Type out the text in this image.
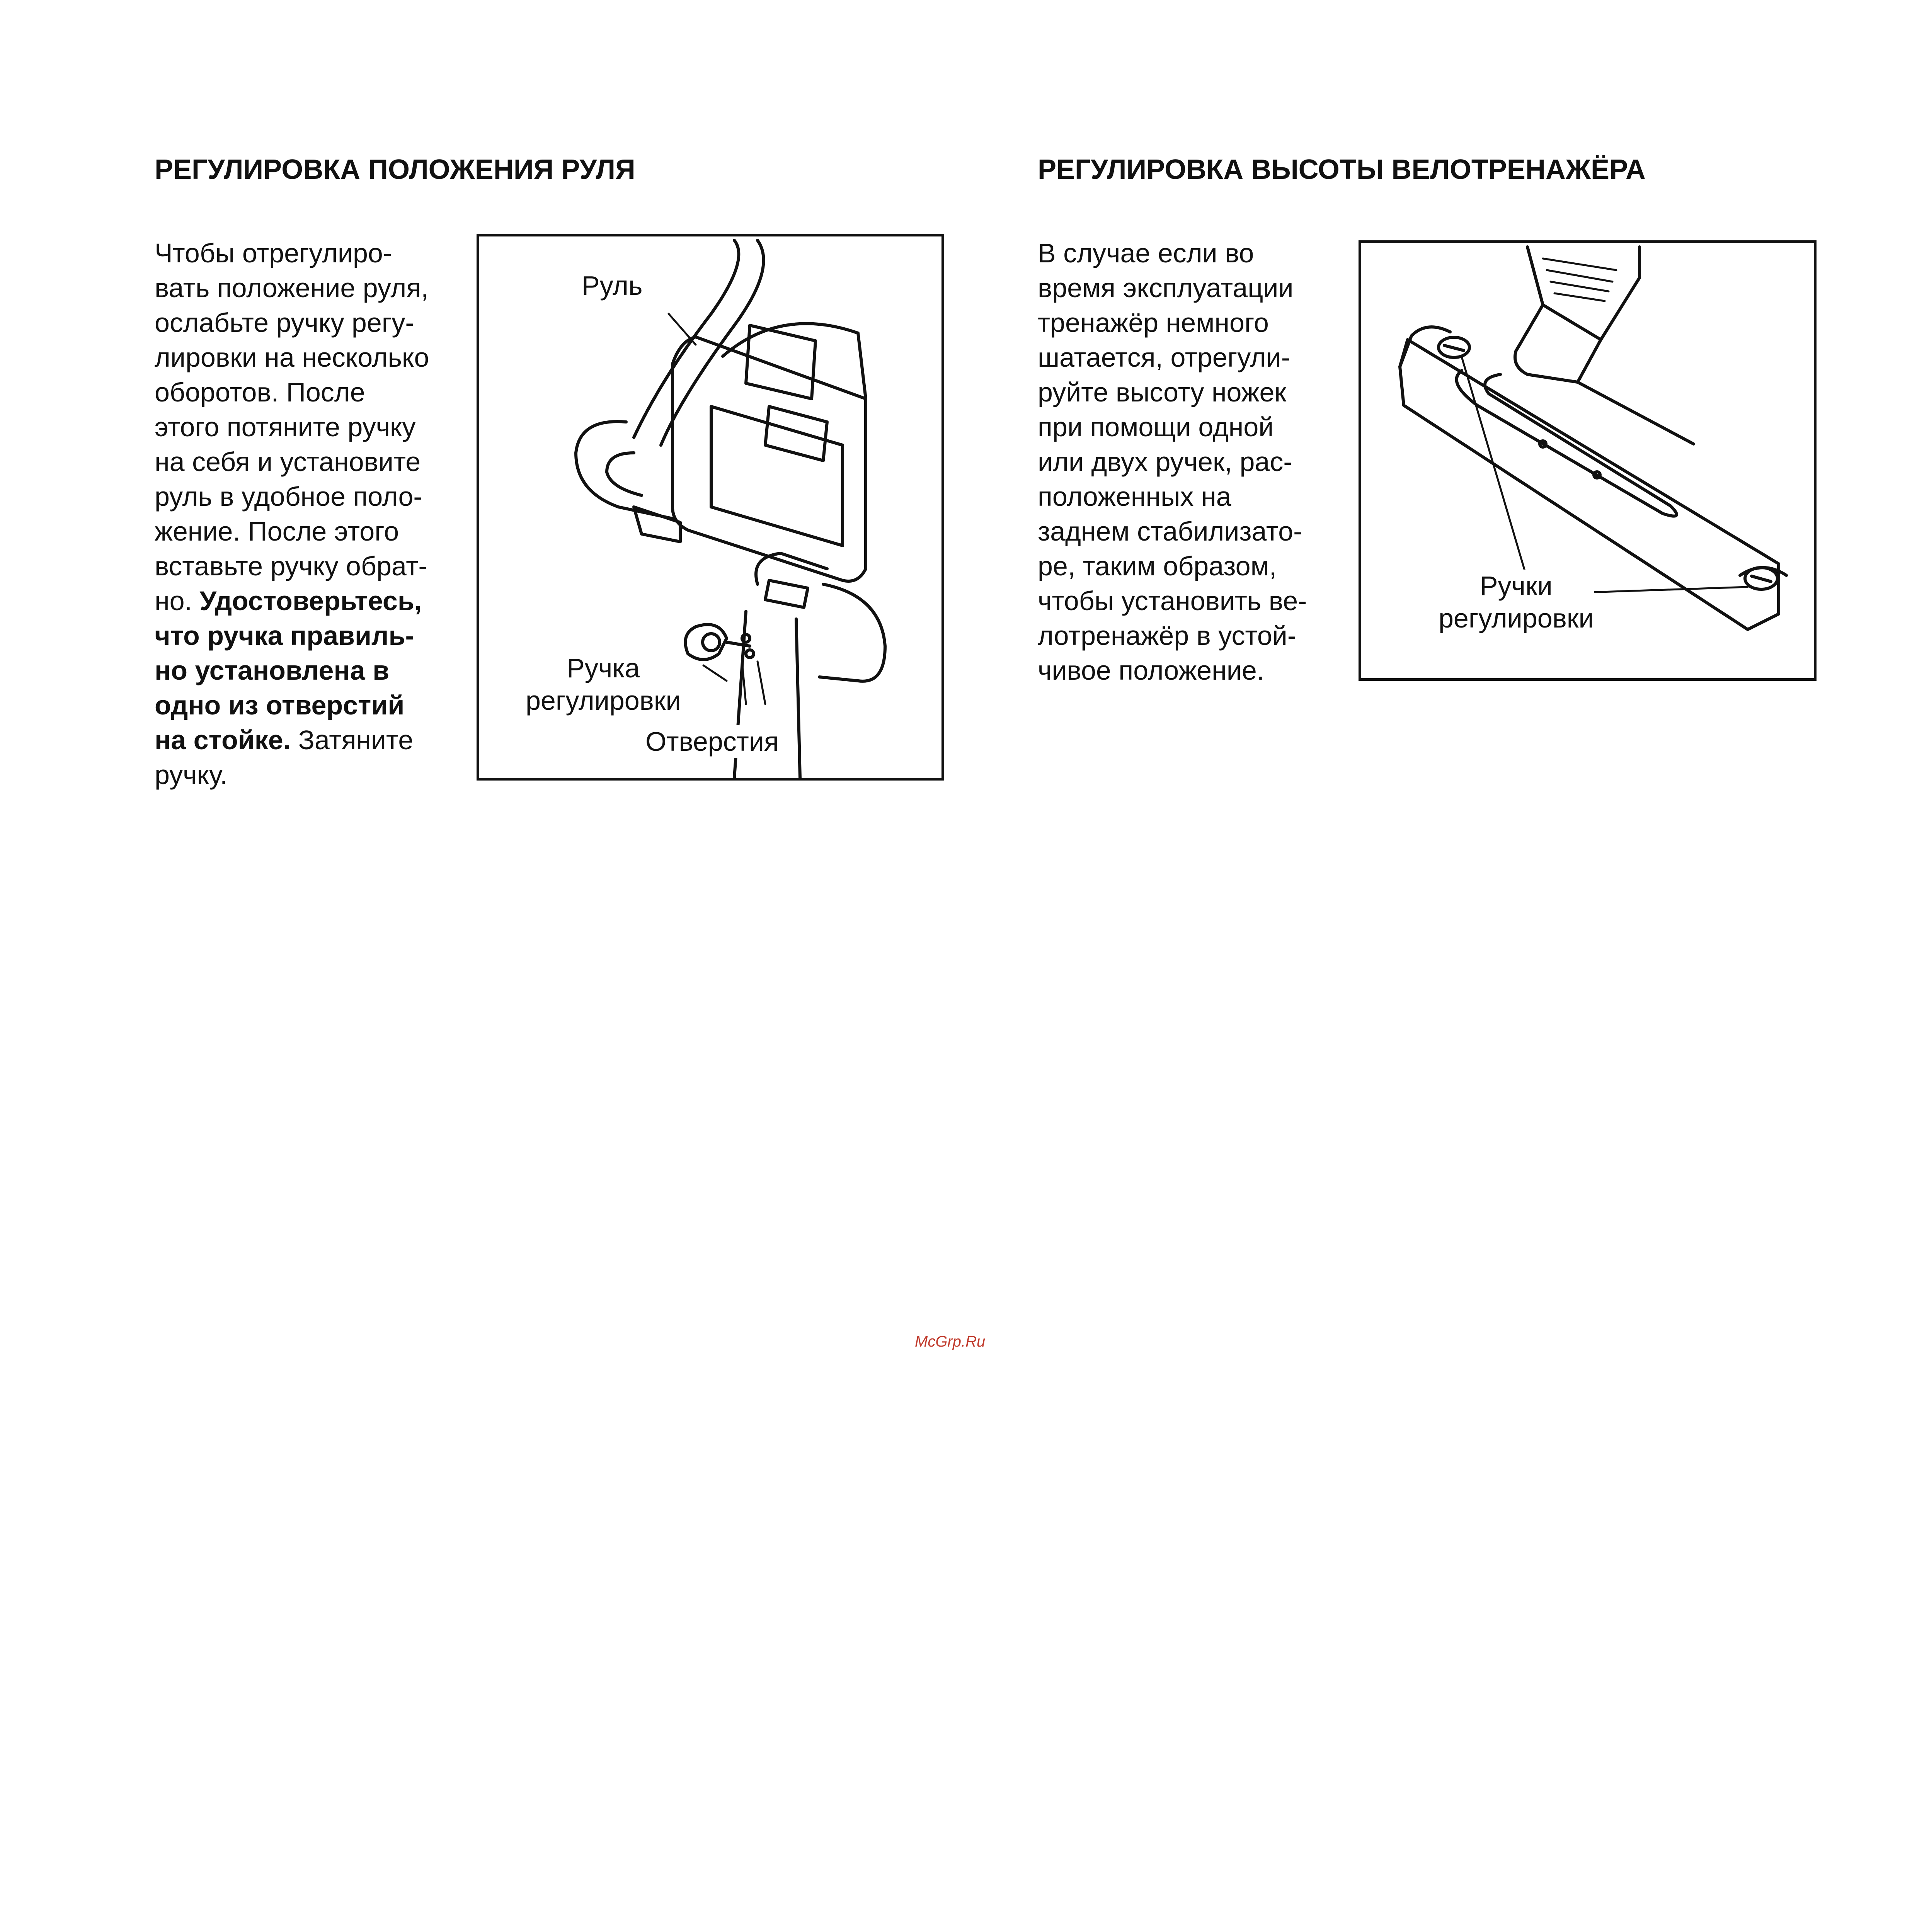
РЕГУЛИРОВКА ПОЛОЖЕНИЯ РУЛЯ
Чтобы отрегулиро-
вать положение руля,
ослабьте ручку регу-
лировки на несколько
оборотов. После
этого потяните ручку
на себя и установите
руль в удобное поло-
жение. После этого
вставьте ручку обрат-
но. Удостоверьтесь,
что ручка правиль-
но установлена в
одно из отверстий
на стойке. Затяните
ручку.
Руль
Ручка
регулировки
Отверстия
РЕГУЛИРОВКА ВЫСОТЫ ВЕЛОТРЕНАЖЁРА
В случае если во
время эксплуатации
тренажёр немного
шатается, отрегули-
руйте высоту ножек
при помощи одной
или двух ручек, рас-
положенных на
заднем стабилизато-
ре, таким образом,
чтобы установить ве-
лотренажёр в устой-
чивое положение.
Ручки
регулировки
McGrp.Ru
